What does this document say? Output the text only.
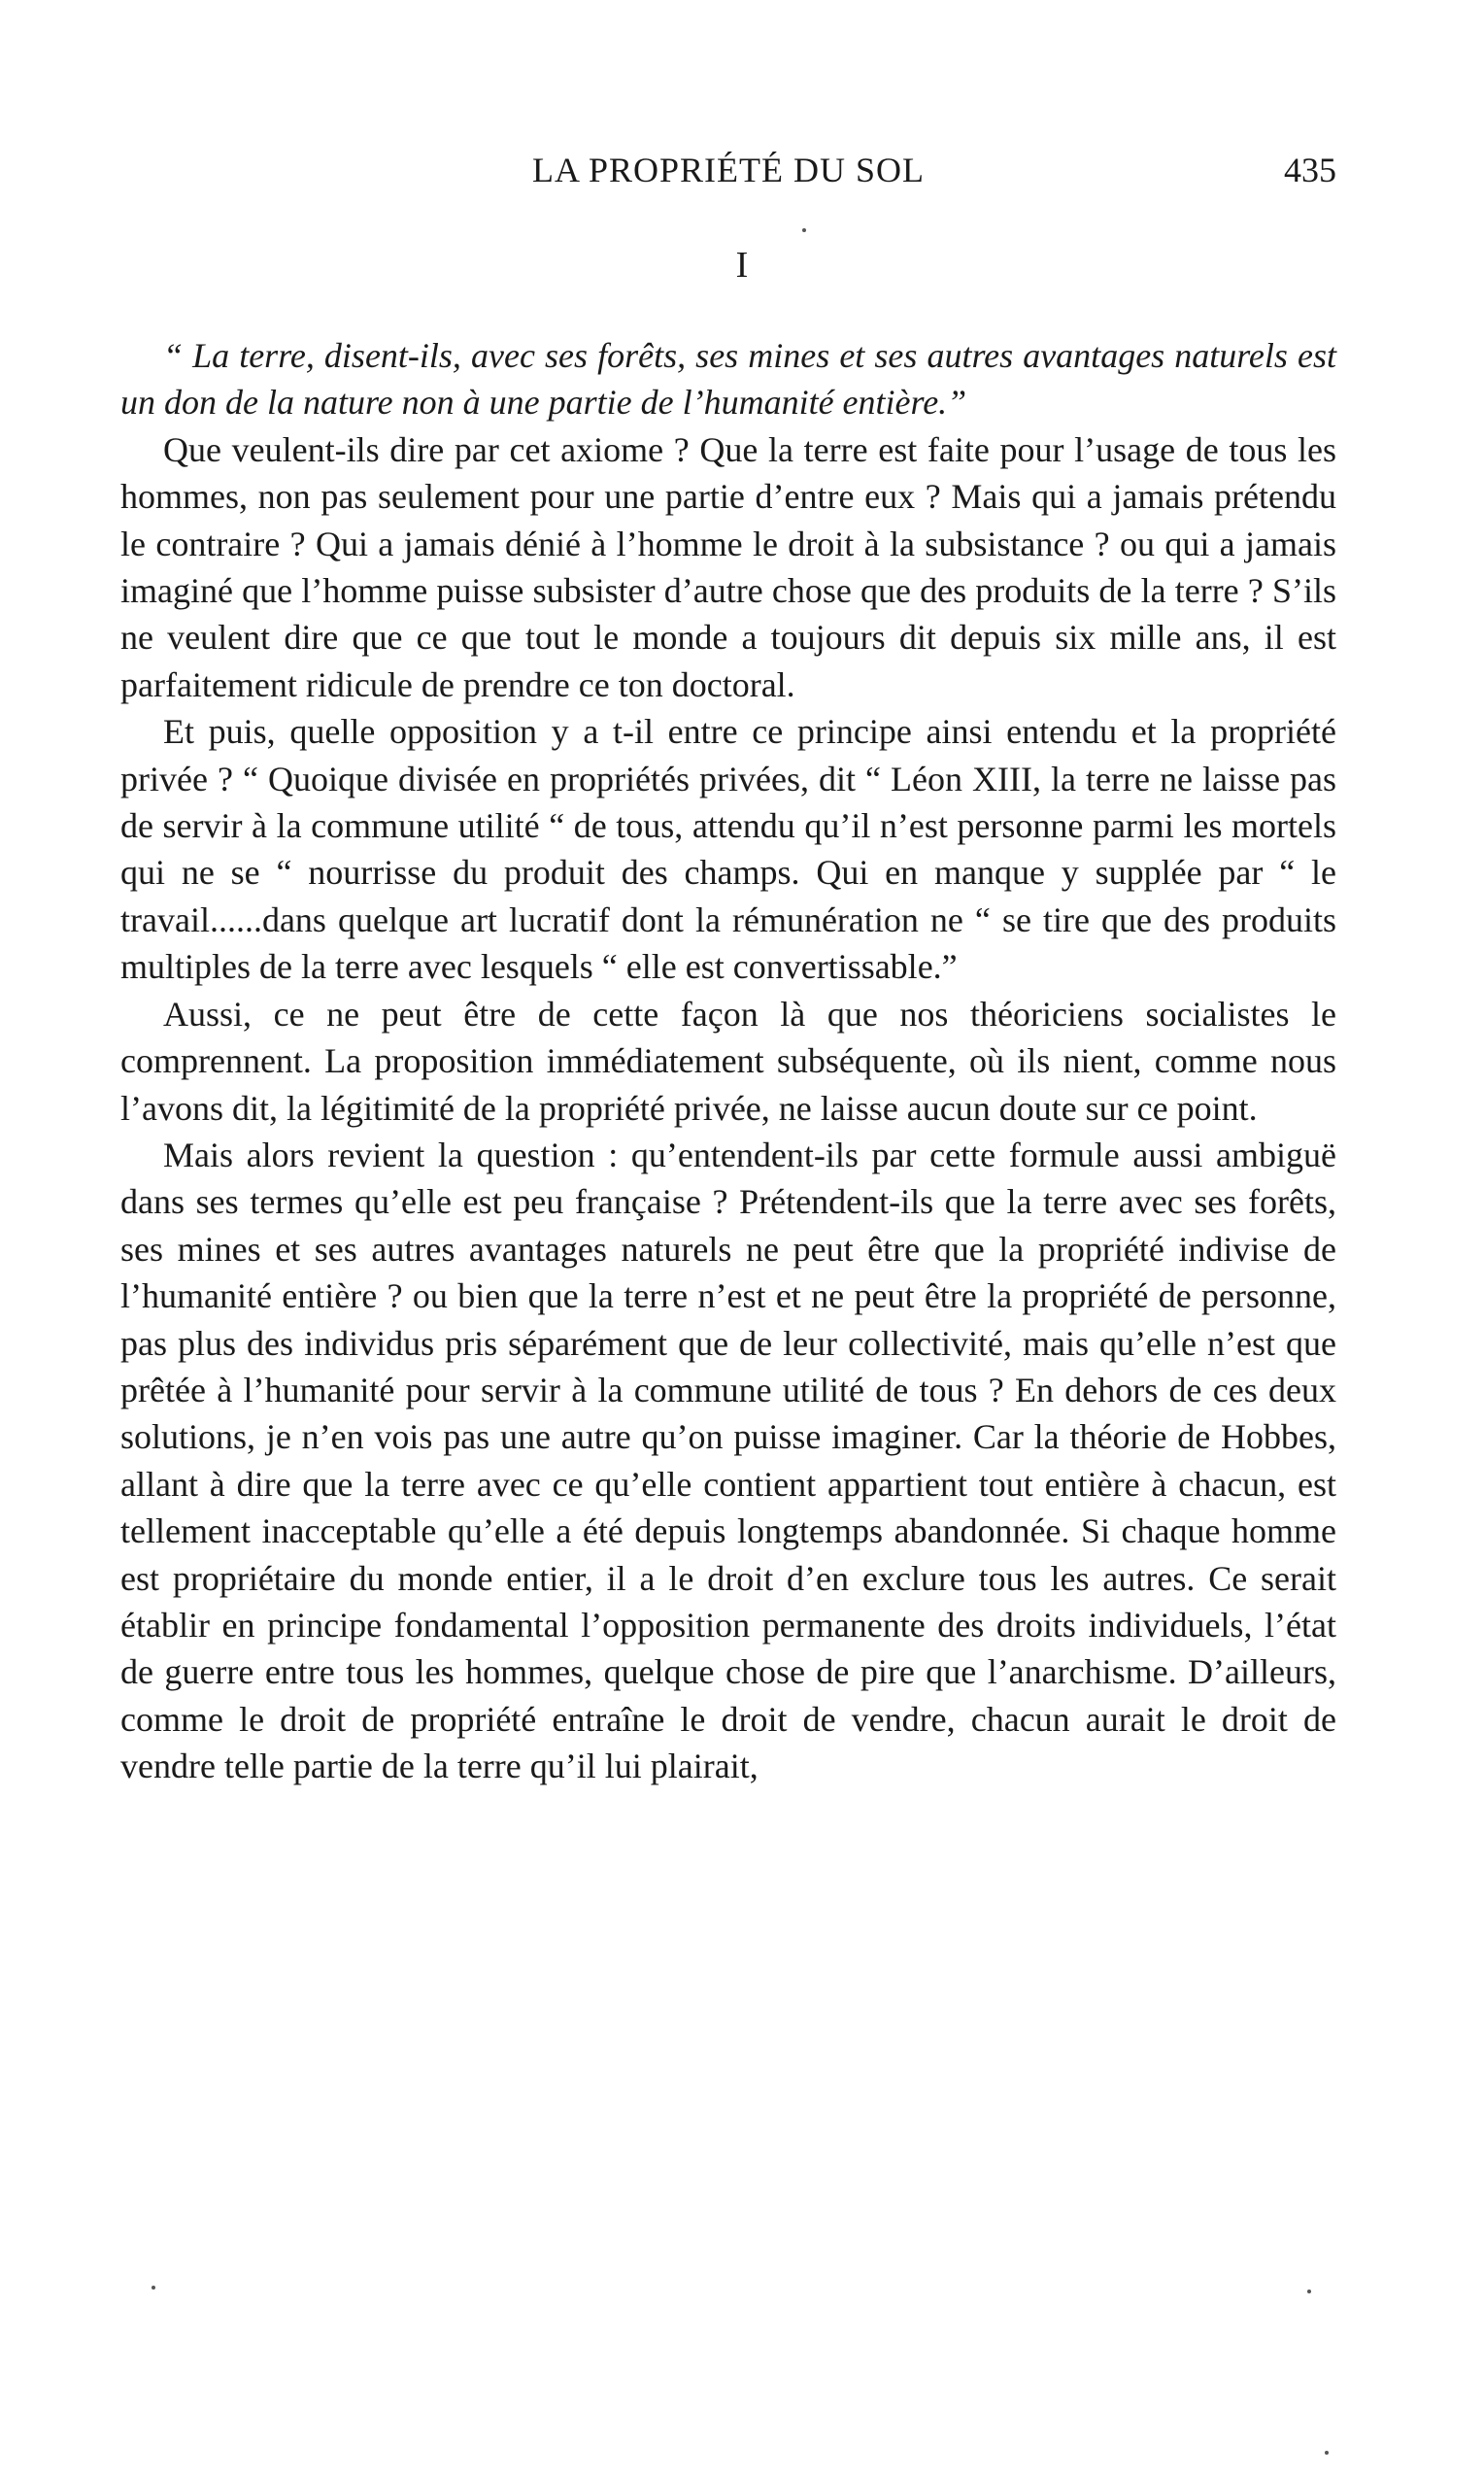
LA PROPRIÉTÉ DU SOL	435
I

“ La terre, disent-ils, avec ses forêts, ses mines et ses autres avantages naturels est un don de la nature non à une partie de l’humanité entière.”

Que veulent-ils dire par cet axiome ? Que la terre est faite pour l’usage de tous les hommes, non pas seulement pour une partie d’entre eux ? Mais qui a jamais prétendu le contraire ? Qui a jamais dénié à l’homme le droit à la subsistance ? ou qui a jamais imaginé que l’homme puisse subsister d’autre chose que des produits de la terre ? S’ils ne veulent dire que ce que tout le monde a toujours dit depuis six mille ans, il est parfaitement ridicule de prendre ce ton doctoral.

Et puis, quelle opposition y a t-il entre ce principe ainsi entendu et la propriété privée ? “ Quoique divisée en propriétés privées, dit “ Léon XIII, la terre ne laisse pas de servir à la commune utilité “ de tous, attendu qu’il n’est personne parmi les mortels qui ne se “ nourrisse du produit des champs. Qui en manque y supplée par “ le travail......dans quelque art lucratif dont la rémunération ne “ se tire que des produits multiples de la terre avec lesquels “ elle est convertissable.”

Aussi, ce ne peut être de cette façon là que nos théoriciens socialistes le comprennent. La proposition immédiatement subséquente, où ils nient, comme nous l’avons dit, la légitimité de la propriété privée, ne laisse aucun doute sur ce point.

Mais alors revient la question : qu’entendent-ils par cette formule aussi ambiguë dans ses termes qu’elle est peu française ? Prétendent-ils que la terre avec ses forêts, ses mines et ses autres avantages naturels ne peut être que la propriété indivise de l’humanité entière ? ou bien que la terre n’est et ne peut être la propriété de personne, pas plus des individus pris séparément que de leur collectivité, mais qu’elle n’est que prêtée à l’humanité pour servir à la commune utilité de tous ? En dehors de ces deux solutions, je n’en vois pas une autre qu’on puisse imaginer. Car la théorie de Hobbes, allant à dire que la terre avec ce qu’elle contient appartient tout entière à chacun, est tellement inacceptable qu’elle a été depuis longtemps abandonnée. Si chaque homme est propriétaire du monde entier, il a le droit d’en exclure tous les autres. Ce serait établir en principe fondamental l’opposition permanente des droits individuels, l’état de guerre entre tous les hommes, quelque chose de pire que l’anarchisme. D’ailleurs, comme le droit de propriété entraîne le droit de vendre, chacun aurait le droit de vendre telle partie de la terre qu’il lui plairait,
